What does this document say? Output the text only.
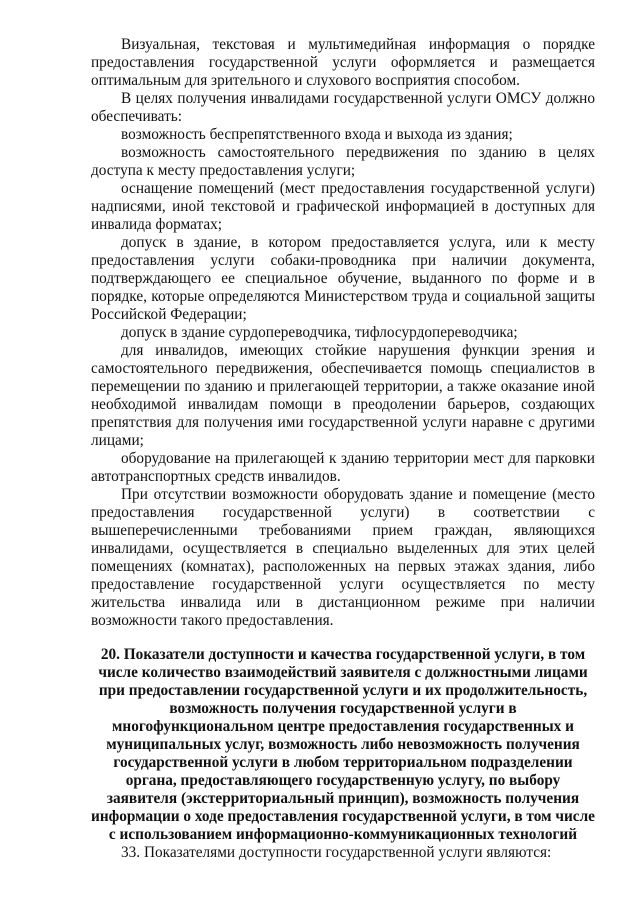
Визуальная, текстовая и мультимедийная информация о порядке предоставления государственной услуги оформляется и размещается оптимальным для зрительного и слухового восприятия способом.

В целях получения инвалидами государственной услуги ОМСУ должно обеспечивать:

возможность беспрепятственного входа и выхода из здания;

возможность самостоятельного передвижения по зданию в целях доступа к месту предоставления услуги;

оснащение помещений (мест предоставления государственной услуги) надписями, иной текстовой и графической информацией в доступных для инвалида форматах;

допуск в здание, в котором предоставляется услуга, или к месту предоставления услуги собаки-проводника при наличии документа, подтверждающего ее специальное обучение, выданного по форме и в порядке, которые определяются Министерством труда и социальной защиты Российской Федерации;

допуск в здание сурдопереводчика, тифлосурдопереводчика;

для инвалидов, имеющих стойкие нарушения функции зрения и самостоятельного передвижения, обеспечивается помощь специалистов в перемещении по зданию и прилегающей территории, а также оказание иной необходимой инвалидам помощи в преодолении барьеров, создающих препятствия для получения ими государственной услуги наравне с другими лицами;

оборудование на прилегающей к зданию территории мест для парковки автотранспортных средств инвалидов.

При отсутствии возможности оборудовать здание и помещение (место предоставления государственной услуги) в соответствии с вышеперечисленными требованиями прием граждан, являющихся инвалидами, осуществляется в специально выделенных для этих целей помещениях (комнатах), расположенных на первых этажах здания, либо предоставление государственной услуги осуществляется по месту жительства инвалида или в дистанционном режиме при наличии возможности такого предоставления.

20. Показатели доступности и качества государственной услуги, в том числе количество взаимодействий заявителя с должностными лицами при предоставлении государственной услуги и их продолжительность, возможность получения государственной услуги в многофункциональном центре предоставления государственных и муниципальных услуг, возможность либо невозможность получения государственной услуги в любом территориальном подразделении органа, предоставляющего государственную услугу, по выбору заявителя (экстерриториальный принцип), возможность получения информации о ходе предоставления государственной услуги, в том числе с использованием информационно-коммуникационных технологий

33. Показателями доступности государственной услуги являются:
